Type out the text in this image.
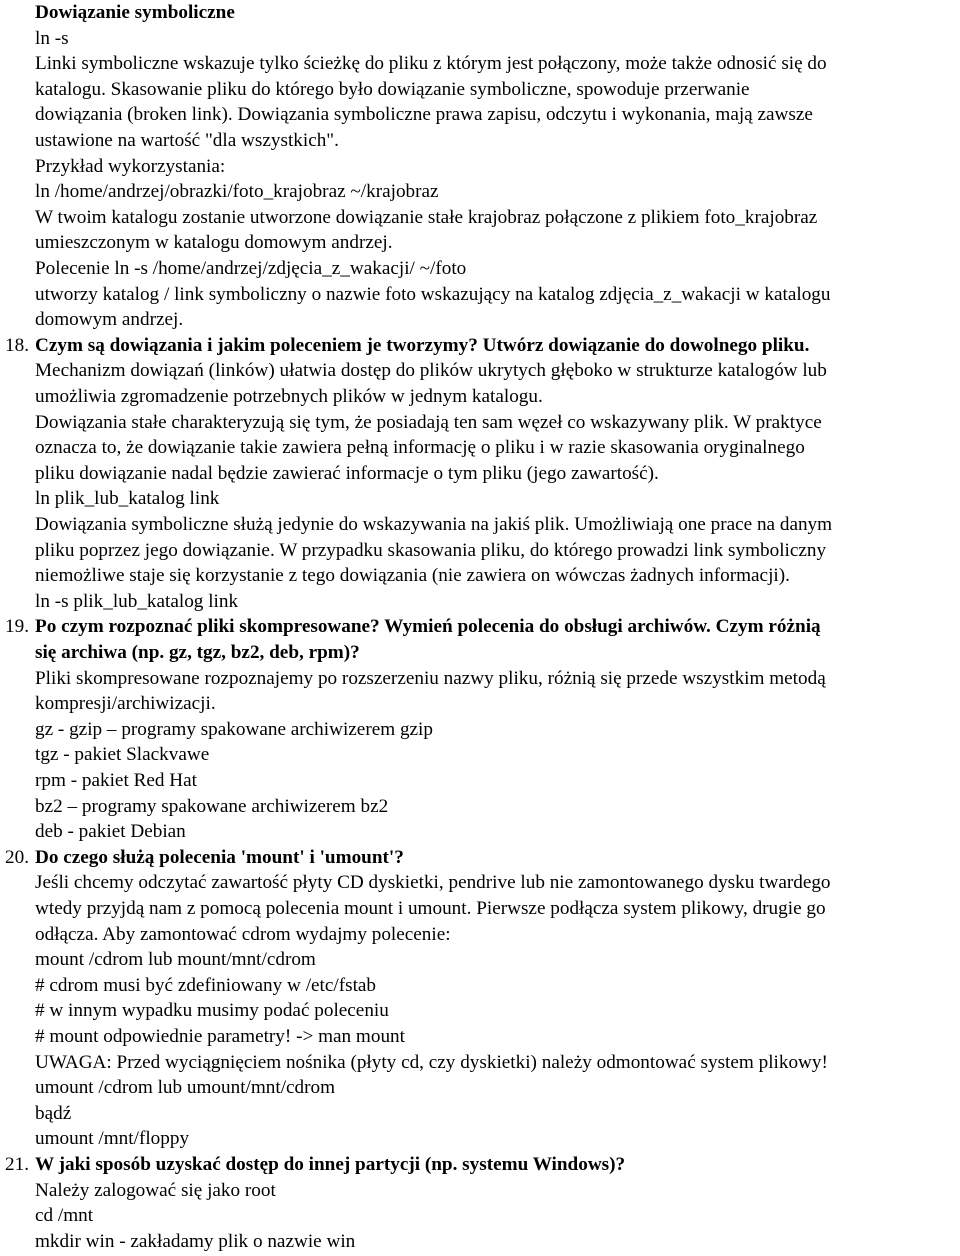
Dowiązanie symboliczne
ln -s
Linki symboliczne wskazuje tylko ścieżkę do pliku z którym jest połączony, może także odnosić się do
katalogu. Skasowanie pliku do którego było dowiązanie symboliczne, spowoduje przerwanie
dowiązania (broken link). Dowiązania symboliczne prawa zapisu, odczytu i wykonania, mają zawsze
ustawione na wartość "dla wszystkich".
Przykład wykorzystania:
ln /home/andrzej/obrazki/foto_krajobraz ~/krajobraz
W twoim katalogu zostanie utworzone dowiązanie stałe krajobraz połączone z plikiem foto_krajobraz
umieszczonym w katalogu domowym andrzej.
Polecenie ln -s /home/andrzej/zdjęcia_z_wakacji/ ~/foto
utworzy katalog / link symboliczny o nazwie foto wskazujący na katalog zdjęcia_z_wakacji w katalogu
domowym andrzej.
18. Czym są dowiązania i jakim poleceniem je tworzymy? Utwórz dowiązanie do dowolnego pliku.
Mechanizm dowiązań (linków) ułatwia dostęp do plików ukrytych głęboko w strukturze katalogów lub
umożliwia zgromadzenie potrzebnych plików w jednym katalogu.
Dowiązania stałe charakteryzują się tym, że posiadają ten sam węzeł co wskazywany plik. W praktyce
oznacza to, że dowiązanie takie zawiera pełną informację o pliku i w razie skasowania oryginalnego
pliku dowiązanie nadal będzie zawierać informacje o tym pliku (jego zawartość).
ln plik_lub_katalog link
Dowiązania symboliczne służą jedynie do wskazywania na jakiś plik. Umożliwiają one prace na danym
pliku poprzez jego dowiązanie. W przypadku skasowania pliku, do którego prowadzi link symboliczny
niemożliwe staje się korzystanie z tego dowiązania (nie zawiera on wówczas żadnych informacji).
ln -s plik_lub_katalog link
19. Po czym rozpoznać pliki skompresowane? Wymień polecenia do obsługi archiwów. Czym różnią
się archiwa (np. gz, tgz, bz2, deb, rpm)?
Pliki skompresowane rozpoznajemy po rozszerzeniu nazwy pliku, różnią się przede wszystkim metodą
kompresji/archiwizacji.
gz - gzip – programy spakowane archiwizerem gzip
tgz - pakiet Slackvawe
rpm - pakiet Red Hat
bz2 – programy spakowane archiwizerem bz2
deb - pakiet Debian
20. Do czego służą polecenia 'mount' i 'umount'?
Jeśli chcemy odczytać zawartość płyty CD dyskietki, pendrive lub nie zamontowanego dysku twardego
wtedy przyjdą nam z pomocą polecenia mount i umount. Pierwsze podłącza system plikowy, drugie go
odłącza. Aby zamontować cdrom wydajmy polecenie:
mount /cdrom lub mount/mnt/cdrom
# cdrom musi być zdefiniowany w /etc/fstab
# w innym wypadku musimy podać poleceniu
# mount odpowiednie parametry! -> man mount
UWAGA: Przed wyciągnięciem nośnika (płyty cd, czy dyskietki) należy odmontować system plikowy!
umount /cdrom lub umount/mnt/cdrom
bądź
umount /mnt/floppy
21. W jaki sposób uzyskać dostęp do innej partycji (np. systemu Windows)?
Należy zalogować się jako root
cd /mnt
mkdir win - zakładamy plik o nazwie win
